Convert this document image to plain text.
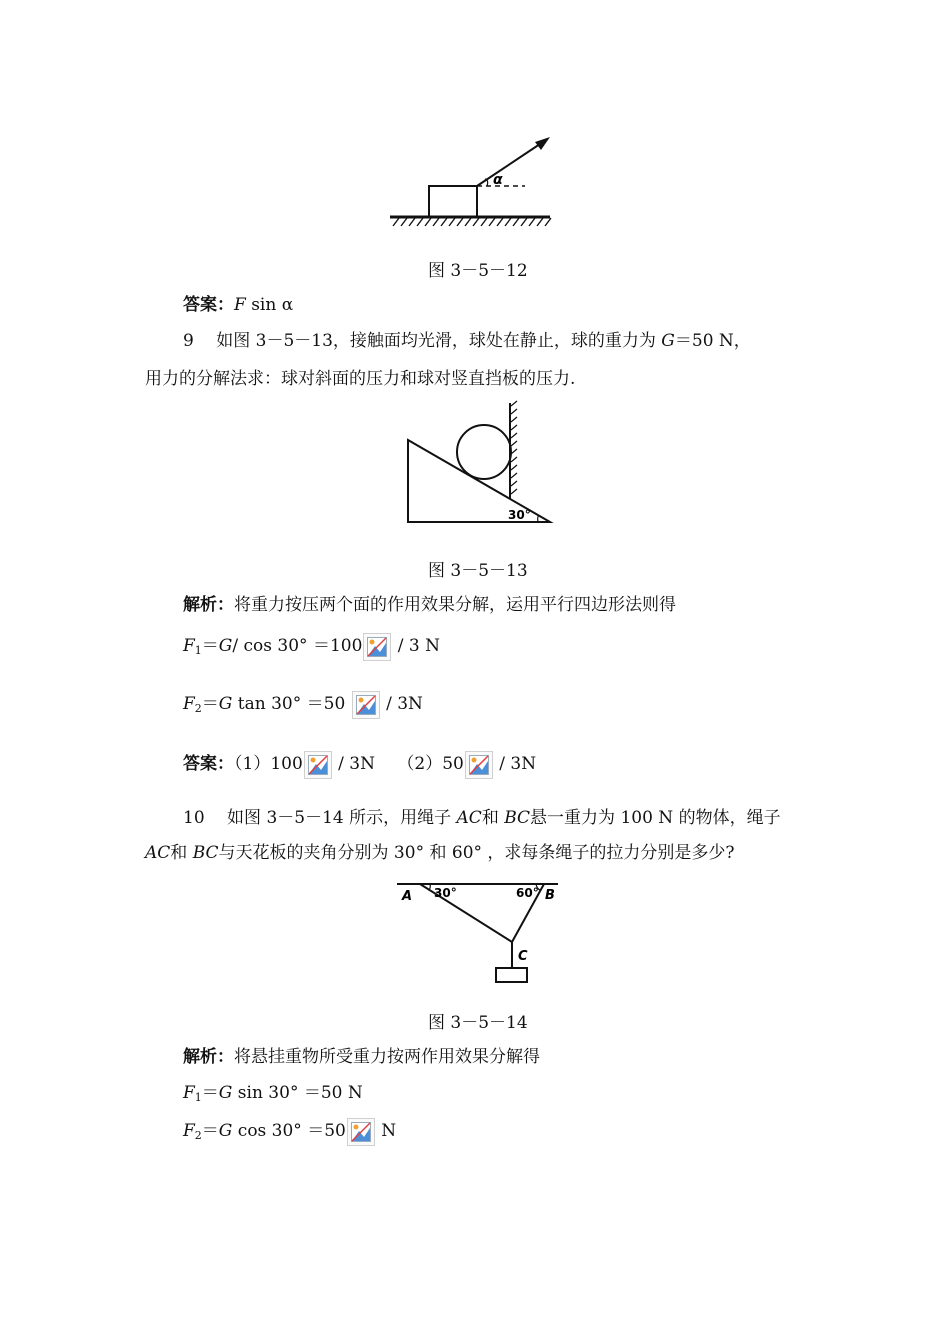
α
图 3－5－12
答案：F sin α
9　 如图 3－5－13，接触面均光滑，球处在静止，球的重力为 G＝50 N，
用力的分解法求：球对斜面的压力和球对竖直挡板的压力.
30°
图 3－5－13
解析：将重力按压两个面的作用效果分解，运用平行四边形法则得
$F_1=G/$ cos 30° ＝100
/ 3 N
$F_2=G$ tan 30° ＝50
/ 3N
答案：（1）100
/ 3N　 （2）50
/ 3N
10　 如图 3－5－14 所示，用绳子 AC和 BC悬一重力为 100 N 的物体，绳子
AC和 BC与天花板的夹角分别为 30° 和 60° ，求每条绳子的拉力分别是多少?
A 30°	60° B
C
图 3－5－14
解析：将悬挂重物所受重力按两作用效果分解得
$F_1=G$ sin 30° ＝50 N
$F_2=G$ cos 30° ＝50
N
